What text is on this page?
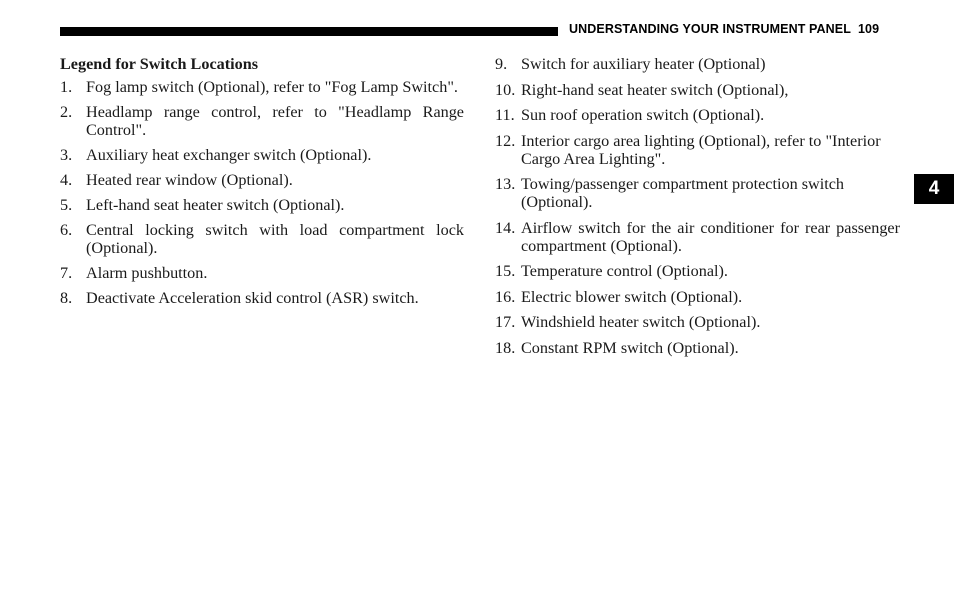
UNDERSTANDING YOUR INSTRUMENT PANEL 109
4
Legend for Switch Locations
1. Fog lamp switch (Optional), refer to "Fog Lamp Switch".
2. Headlamp range control, refer to "Headlamp Range Control".
3. Auxiliary heat exchanger switch (Optional).
4. Heated rear window (Optional).
5. Left-hand seat heater switch (Optional).
6. Central locking switch with load compartment lock (Optional).
7. Alarm pushbutton.
8. Deactivate Acceleration skid control (ASR) switch.
9. Switch for auxiliary heater (Optional)
10. Right-hand seat heater switch (Optional),
11. Sun roof operation switch (Optional).
12. Interior cargo area lighting (Optional), refer to "Interior Cargo Area Lighting".
13. Towing/passenger compartment protection switch (Optional).
14. Airflow switch for the air conditioner for rear passenger compartment (Optional).
15. Temperature control (Optional).
16. Electric blower switch (Optional).
17. Windshield heater switch (Optional).
18. Constant RPM switch (Optional).
